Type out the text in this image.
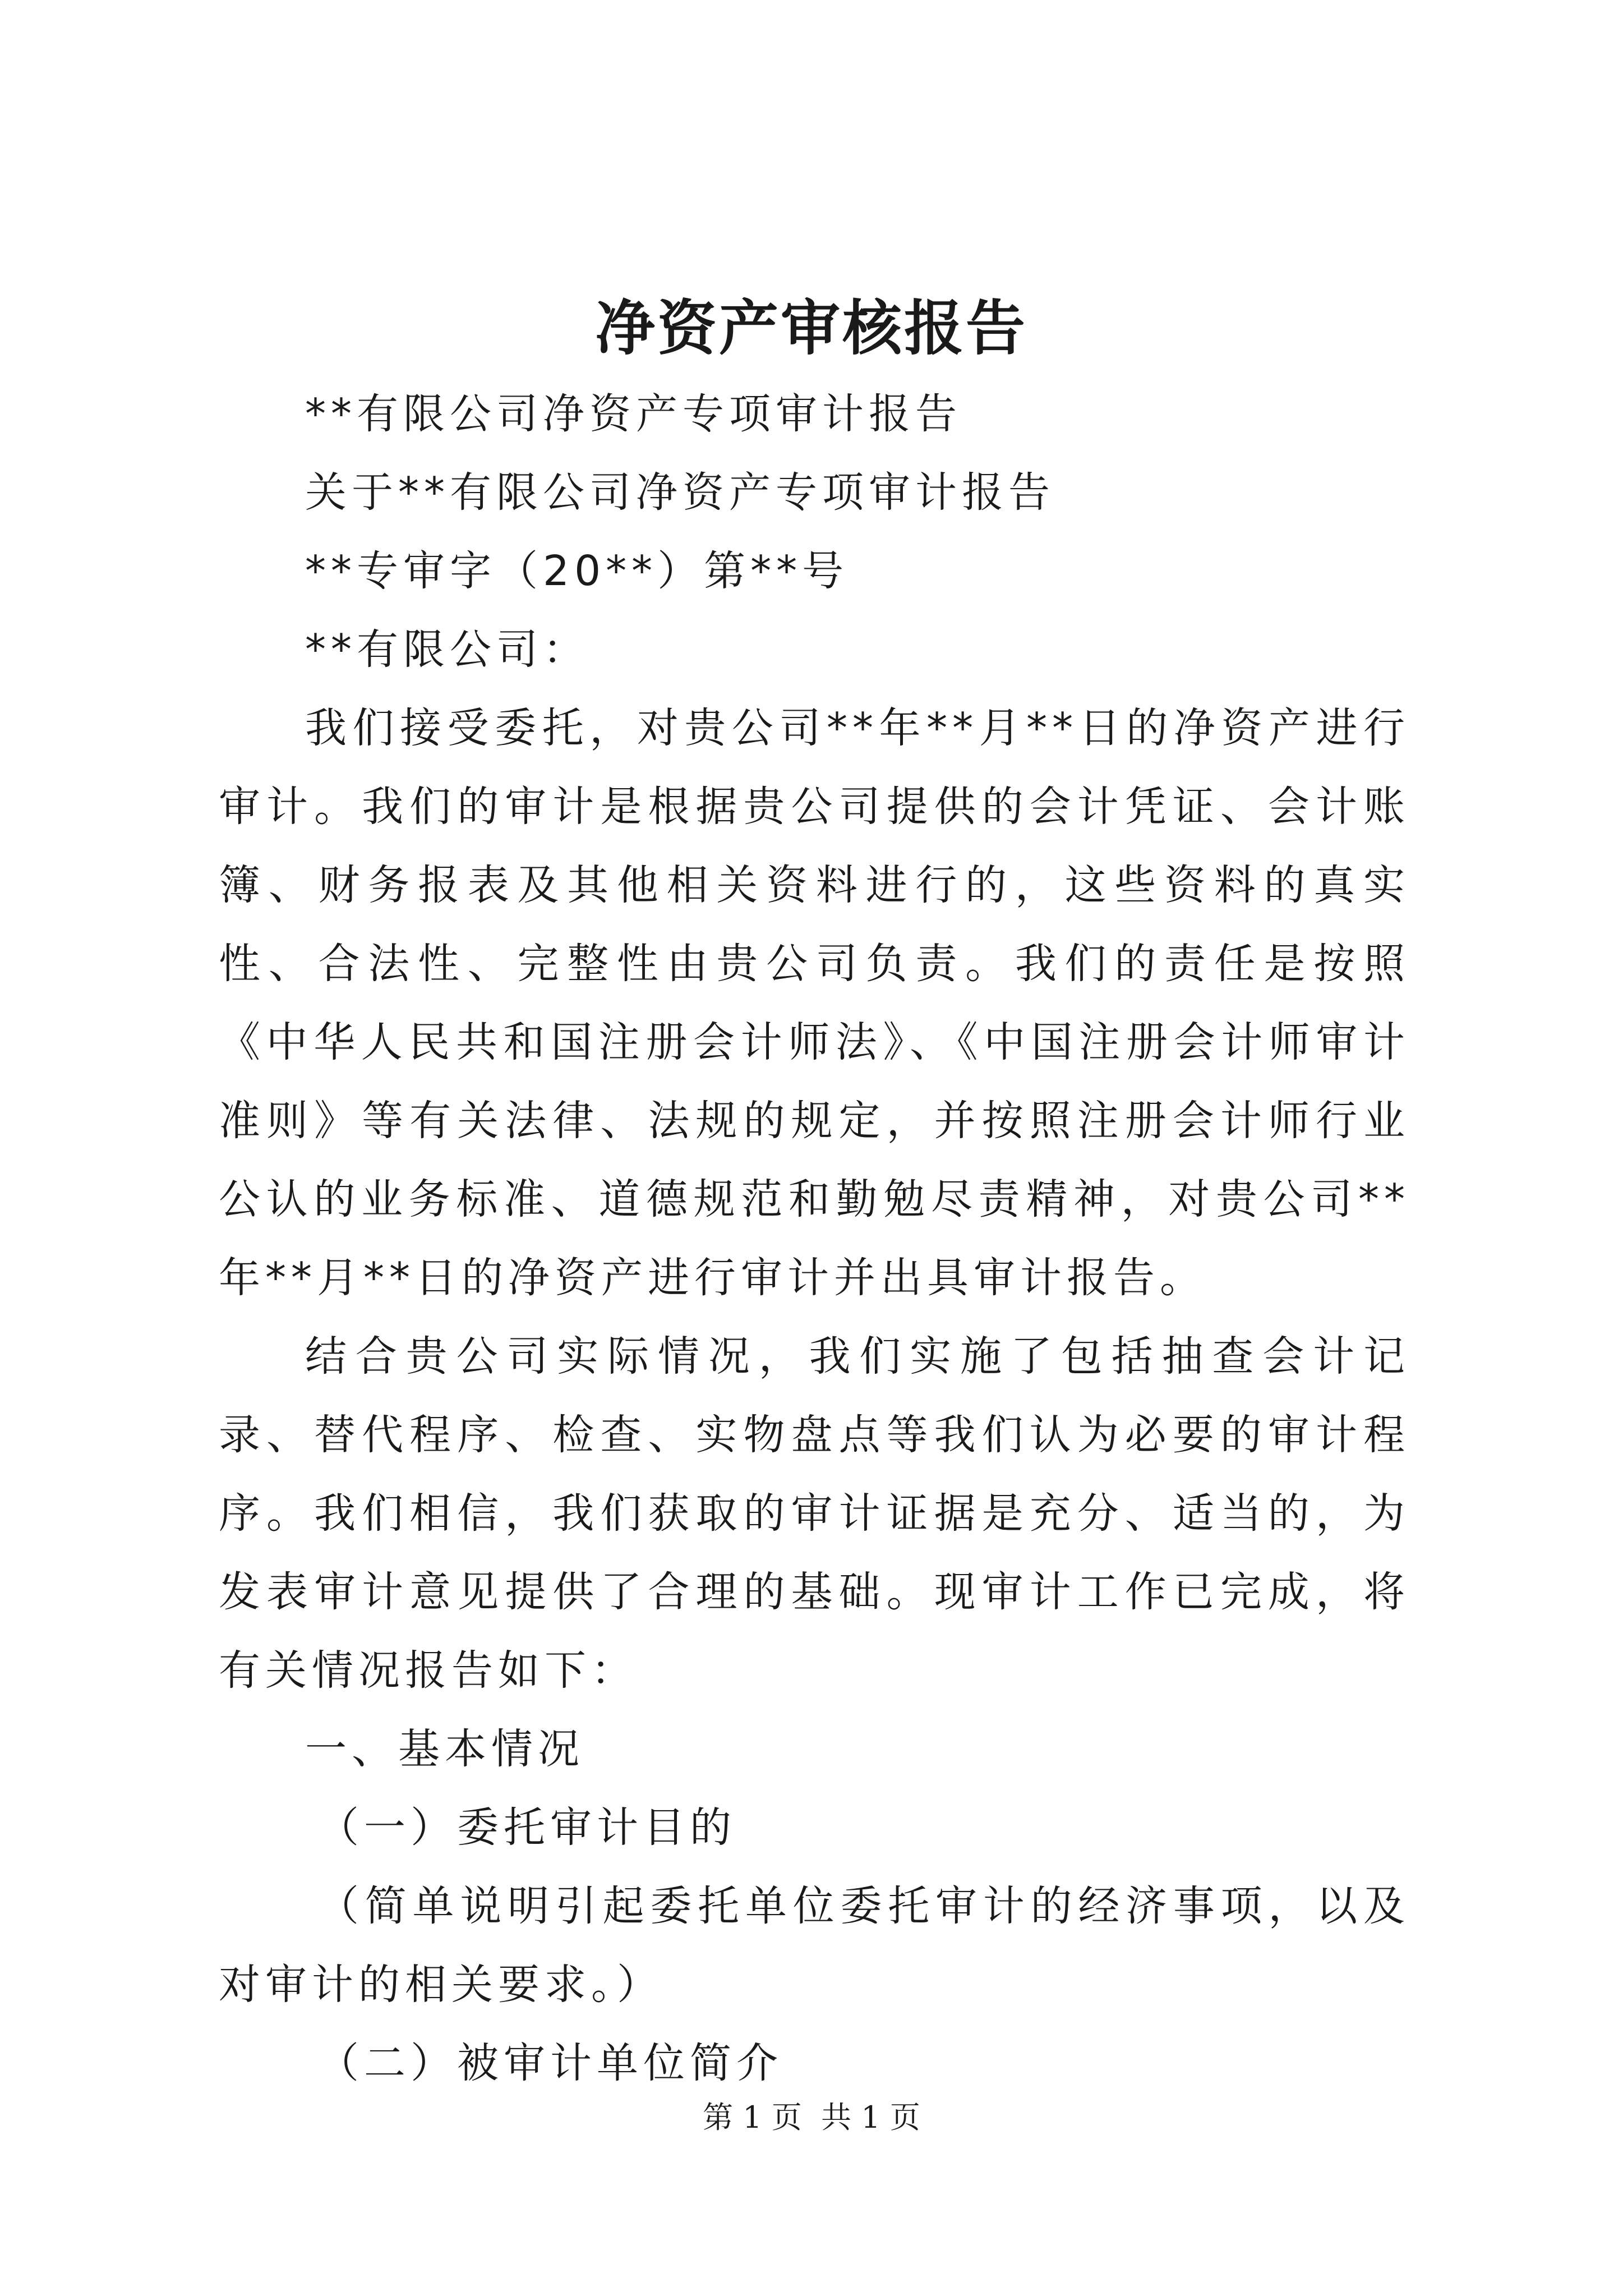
净资产审核报告

**有限公司净资产专项审计报告

关于**有限公司净资产专项审计报告

**专审字（20**）第**号

**有限公司：

我们接受委托，对贵公司**年**月**日的净资产进行审计。我们的审计是根据贵公司提供的会计凭证、会计账簿、财务报表及其他相关资料进行的，这些资料的真实性、合法性、完整性由贵公司负责。我们的责任是按照《中华人民共和国注册会计师法》、《中国注册会计师审计准则》等有关法律、法规的规定，并按照注册会计师行业公认的业务标准、道德规范和勤勉尽责精神，对贵公司**年**月**日的净资产进行审计并出具审计报告。

结合贵公司实际情况，我们实施了包括抽查会计记录、替代程序、检查、实物盘点等我们认为必要的审计程序。我们相信，我们获取的审计证据是充分、适当的，为发表审计意见提供了合理的基础。现审计工作已完成，将有关情况报告如下：

一、基本情况

（一）委托审计目的

（简单说明引起委托单位委托审计的经济事项，以及对审计的相关要求。）

（二）被审计单位简介

第 1 页  共 1 页
